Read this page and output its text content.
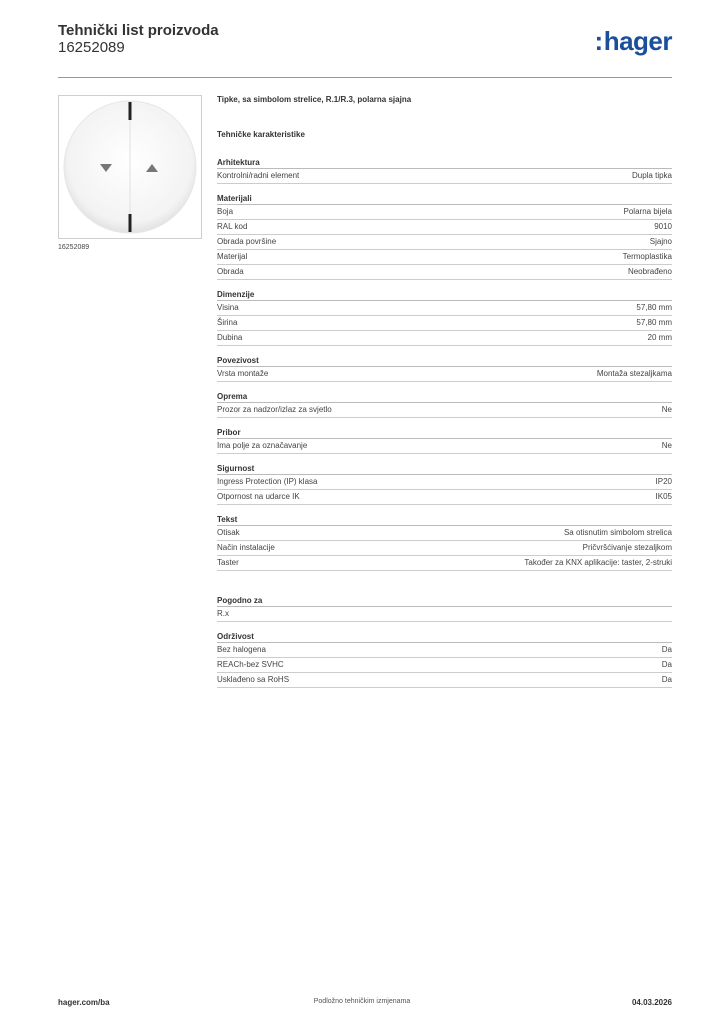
Tehnički list proizvoda
16252089	:hager
16252089
Tipke, sa simbolom strelice, R.1/R.3, polarna sjajna
Tehničke karakteristike
Arhitektura
Kontrolni/radni element	Dupla tipka
Materijali
Boja	Polarna bijela
RAL kod	9010
Obrada površine	Sjajno
Materijal	Termoplastika
Obrada	Neobrađeno
Dimenzije
Visina	57,80 mm
Širina	57,80 mm
Dubina	20 mm
Povezivost
Vrsta montaže	Montaža stezaljkama
Oprema
Prozor za nadzor/izlaz za svjetlo	Ne
Pribor
Ima polje za označavanje	Ne
Sigurnost
Ingress Protection (IP) klasa	IP20
Otpornost na udarce IK	IK05
Tekst
Otisak	Sa otisnutim simbolom strelica
Način instalacije	Pričvršćivanje stezaljkom
Taster	Također za KNX aplikacije: taster, 2-struki
Pogodno za
R.x
Održivost
Bez halogena	Da
REACh-bez SVHC	Da
Usklađeno sa RoHS	Da
hager.com/ba	Podložno tehničkim izmjenama	04.03.2026
